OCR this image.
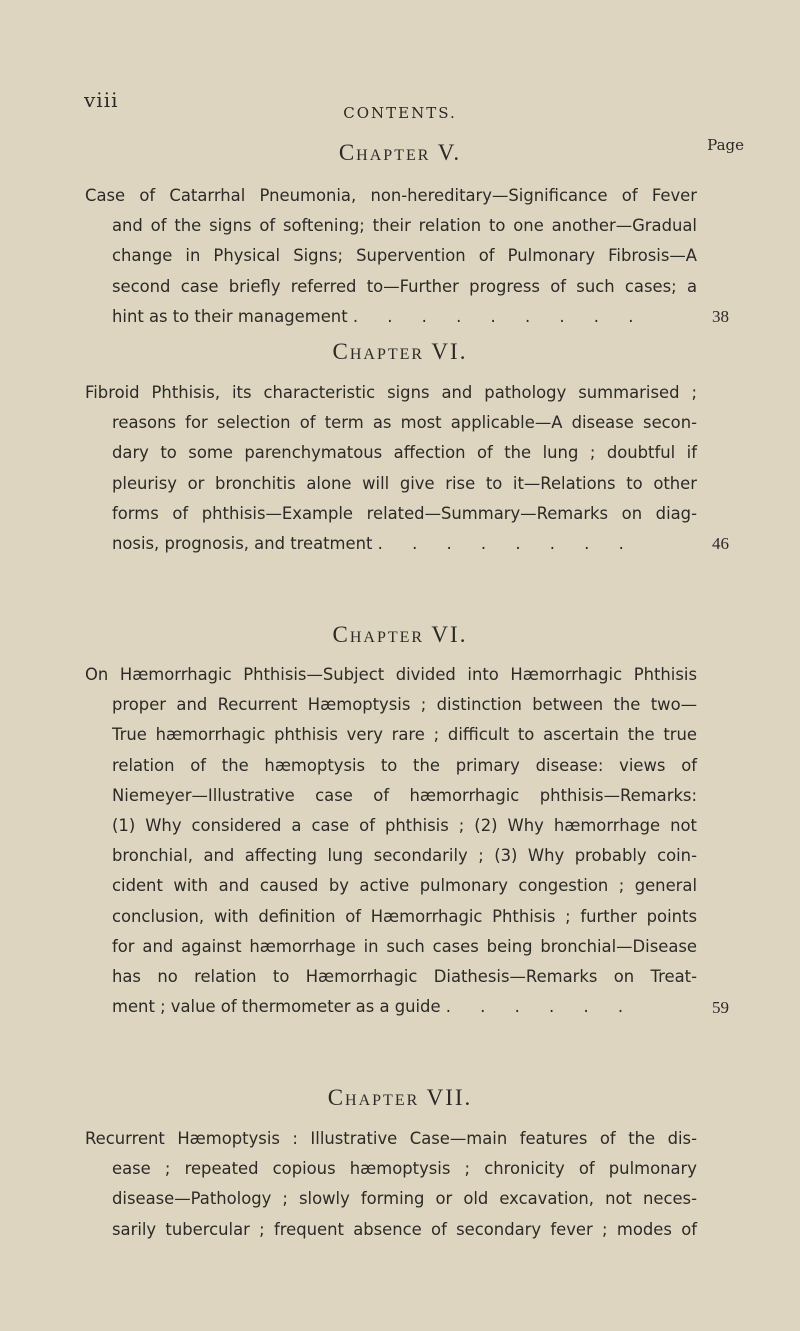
viii
CONTENTS.
Page
Chapter V.
Case of Catarrhal Pneumonia, non-hereditary—Significance of Fever
and of the signs of softening; their relation to one another—Gradual
change in Physical Signs; Supervention of Pulmonary Fibrosis—A
second case briefly referred to—Further progress of such cases; a
hint as to their management . . . . . . . . .	38
Chapter VI.
Fibroid Phthisis, its characteristic signs and pathology summarised ;
reasons for selection of term as most applicable—A disease secon-
dary to some parenchymatous affection of the lung ; doubtful if
pleurisy or bronchitis alone will give rise to it—Relations to other
forms of phthisis—Example related—Summary—Remarks on diag-
nosis, prognosis, and treatment . . . . . . . .	46
Chapter VI.
On Hæmorrhagic Phthisis—Subject divided into Hæmorrhagic Phthisis
proper and Recurrent Hæmoptysis ; distinction between the two—
True hæmorrhagic phthisis very rare ; difficult to ascertain the true
relation of the hæmoptysis to the primary disease: views of
Niemeyer—Illustrative case of hæmorrhagic phthisis—Remarks:
(1) Why considered a case of phthisis ; (2) Why hæmorrhage not
bronchial, and affecting lung secondarily ; (3) Why probably coin-
cident with and caused by active pulmonary congestion ; general
conclusion, with definition of Hæmorrhagic Phthisis ; further points
for and against hæmorrhage in such cases being bronchial—Disease
has no relation to Hæmorrhagic Diathesis—Remarks on Treat-
ment ; value of thermometer as a guide . . . . . .	59
Chapter VII.
Recurrent Hæmoptysis : Illustrative Case—main features of the dis-
ease ; repeated copious hæmoptysis ; chronicity of pulmonary
disease—Pathology ; slowly forming or old excavation, not neces-
sarily tubercular ; frequent absence of secondary fever ; modes of
